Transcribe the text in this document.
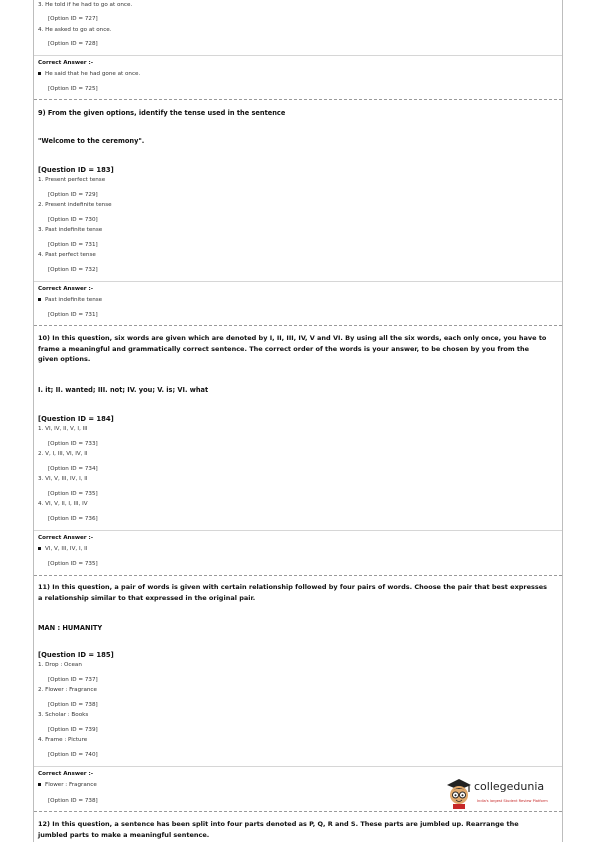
3. He told if he had to go at once.
[Option ID = 727]
4. He asked to go at once.
[Option ID = 728]
Correct Answer :-
He said that he had gone at once.
[Option ID = 725]
9) From the given options, identify the tense used in the sentence
"Welcome to the ceremony".
[Question ID = 183]
1. Present perfect tense
[Option ID = 729]
2. Present indefinite tense
[Option ID = 730]
3. Past indefinite tense
[Option ID = 731]
4. Past perfect tense
[Option ID = 732]
Correct Answer :-
Past indefinite tense
[Option ID = 731]
10) In this question, six words are given which are denoted by I, II, III, IV, V and VI. By using all the six words, each only once, you have to frame a meaningful and grammatically correct sentence. The correct order of the words is your answer, to be chosen by you from the given options.
I. it; II. wanted; III. not; IV. you; V. is; VI. what
[Question ID = 184]
1. VI, IV, II, V, I, III
[Option ID = 733]
2. V, I, III, VI, IV, II
[Option ID = 734]
3. VI, V, III, IV, I, II
[Option ID = 735]
4. VI, V, II, I, III, IV
[Option ID = 736]
Correct Answer :-
VI, V, III, IV, I, II
[Option ID = 735]
11) In this question, a pair of words is given with certain relationship followed by four pairs of words. Choose the pair that best expresses a relationship similar to that expressed in the original pair.
MAN : HUMANITY
[Question ID = 185]
1. Drop : Ocean
[Option ID = 737]
2. Flower : Fragrance
[Option ID = 738]
3. Scholar : Books
[Option ID = 739]
4. Frame : Picture
[Option ID = 740]
Correct Answer :-
Flower : Fragrance
[Option ID = 738]
12) In this question, a sentence has been split into four parts denoted as P, Q, R and S. These parts are jumbled up. Rearrange the jumbled parts to make a meaningful sentence.
collegedunia
India's largest Student Review Platform
